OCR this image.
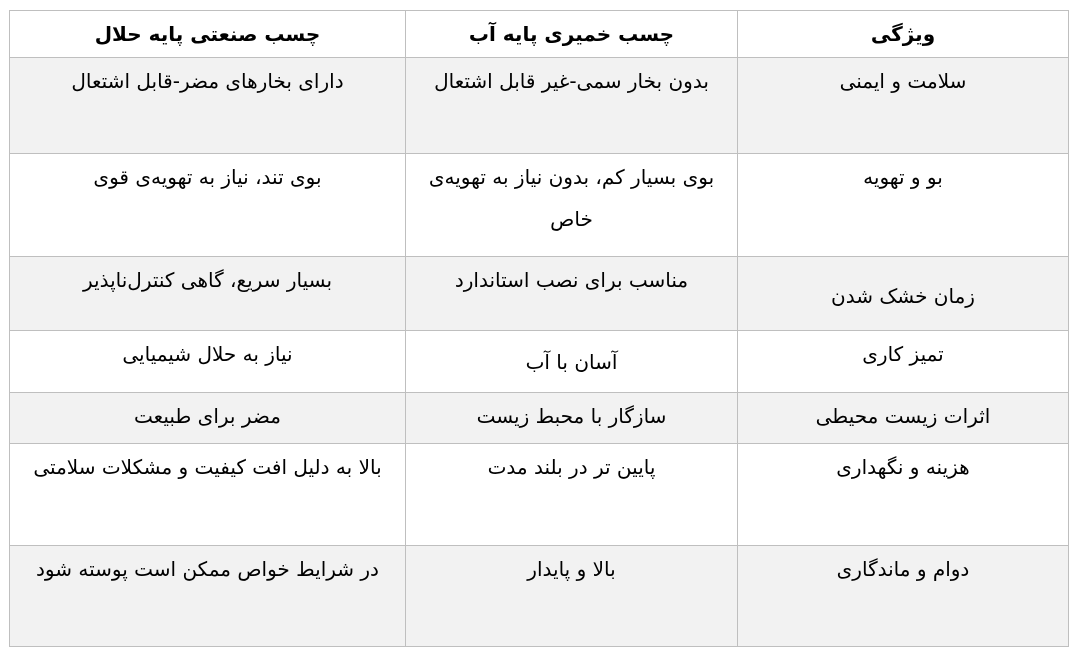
ویژگی	چسب خمیری پایه آب	چسب صنعتی پایه حلال
سلامت و ایمنی	بدون بخار سمی-غیر قابل اشتعال	دارای بخارهای مضر-قابل اشتعال
بو و تهویه	بوی بسیار کم، بدون نیاز به تهویه‌ی خاص	بوی تند، نیاز به تهویه‌ی قوی
زمان خشک شدن	مناسب برای نصب استاندارد	بسیار سریع، گاهی کنترل‌ناپذیر
تمیز کاری	آسان با آب	نیاز به حلال شیمیایی
اثرات زیست محیطی	سازگار با محبط زیست	مضر برای طبیعت
هزینه و نگهداری	پایین تر در بلند مدت	بالا به دلیل افت کیفیت و مشکلات سلامتی
دوام و ماندگاری	بالا و پایدار	در شرایط خواص ممکن است پوسته شود
